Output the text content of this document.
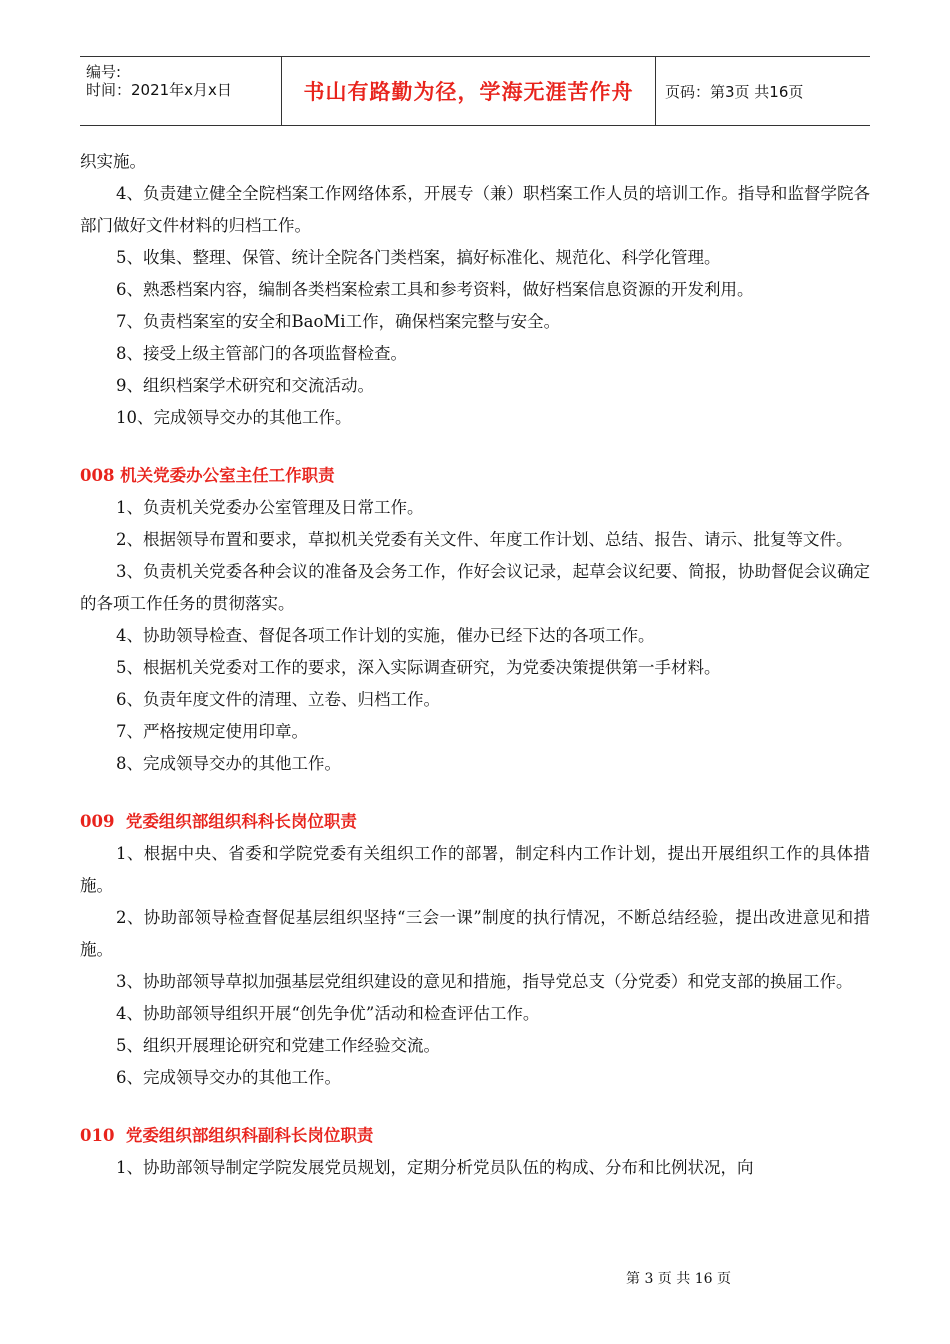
编号:
时间：2021年x月x日	书山有路勤为径，学海无涯苦作舟 页码：第3页 共16页

织实施。

4、负责建立健全全院档案工作网络体系，开展专（兼）职档案工作人员的培训工作。指导和监督学院各部门做好文件材料的归档工作。

5、收集、整理、保管、统计全院各门类档案，搞好标准化、规范化、科学化管理。

6、熟悉档案内容，编制各类档案检索工具和参考资料，做好档案信息资源的开发利用。

7、负责档案室的安全和BaoMi工作，确保档案完整与安全。

8、接受上级主管部门的各项监督检查。

9、组织档案学术研究和交流活动。

10、完成领导交办的其他工作。

008 机关党委办公室主任工作职责

1、负责机关党委办公室管理及日常工作。

2、根据领导布置和要求，草拟机关党委有关文件、年度工作计划、总结、报告、请示、批复等文件。

3、负责机关党委各种会议的准备及会务工作，作好会议记录，起草会议纪要、简报，协助督促会议确定的各项工作任务的贯彻落实。

4、协助领导检查、督促各项工作计划的实施，催办已经下达的各项工作。

5、根据机关党委对工作的要求，深入实际调查研究，为党委决策提供第一手材料。

6、负责年度文件的清理、立卷、归档工作。

7、严格按规定使用印章。

8、完成领导交办的其他工作。

009  党委组织部组织科科长岗位职责

1、根据中央、省委和学院党委有关组织工作的部署，制定科内工作计划，提出开展组织工作的具体措施。

2、协助部领导检查督促基层组织坚持“三会一课”制度的执行情况，不断总结经验，提出改进意见和措施。

3、协助部领导草拟加强基层党组织建设的意见和措施，指导党总支（分党委）和党支部的换届工作。

4、协助部领导组织开展“创先争优”活动和检查评估工作。

5、组织开展理论研究和党建工作经验交流。

6、完成领导交办的其他工作。

010  党委组织部组织科副科长岗位职责

1、协助部领导制定学院发展党员规划，定期分析党员队伍的构成、分布和比例状况，向

第 3 页 共 16 页
